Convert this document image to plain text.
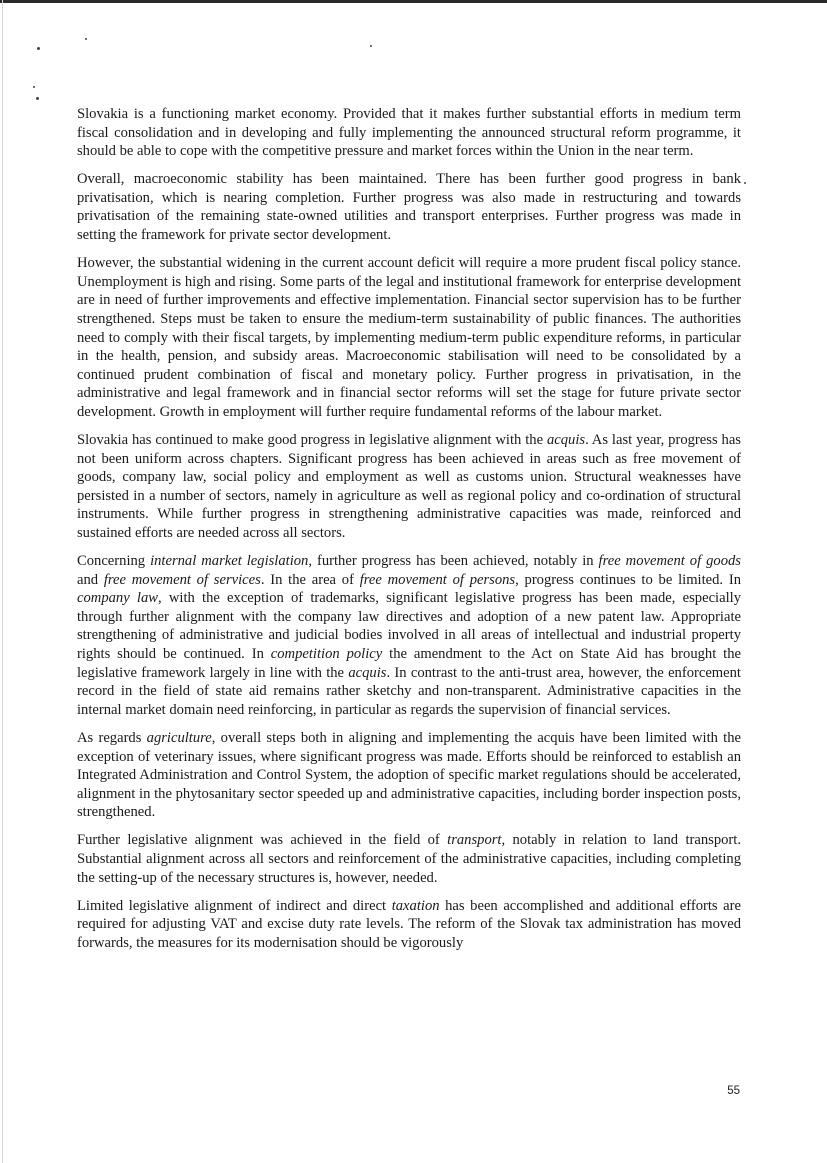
Slovakia is a functioning market economy. Provided that it makes further substantial efforts in medium term fiscal consolidation and in developing and fully implementing the announced structural reform programme, it should be able to cope with the competitive pressure and market forces within the Union in the near term.

Overall, macroeconomic stability has been maintained. There has been further good progress in bank privatisation, which is nearing completion. Further progress was also made in restructuring and towards privatisation of the remaining state-owned utilities and transport enterprises. Further progress was made in setting the framework for private sector development.

However, the substantial widening in the current account deficit will require a more prudent fiscal policy stance. Unemployment is high and rising. Some parts of the legal and institutional framework for enterprise development are in need of further improvements and effective implementation. Financial sector supervision has to be further strengthened. Steps must be taken to ensure the medium-term sustainability of public finances. The authorities need to comply with their fiscal targets, by implementing medium-term public expenditure reforms, in particular in the health, pension, and subsidy areas. Macroeconomic stabilisation will need to be consolidated by a continued prudent combination of fiscal and monetary policy. Further progress in privatisation, in the administrative and legal framework and in financial sector reforms will set the stage for future private sector development. Growth in employment will further require fundamental reforms of the labour market.

Slovakia has continued to make good progress in legislative alignment with the acquis. As last year, progress has not been uniform across chapters. Significant progress has been achieved in areas such as free movement of goods, company law, social policy and employment as well as customs union. Structural weaknesses have persisted in a number of sectors, namely in agriculture as well as regional policy and co-ordination of structural instruments. While further progress in strengthening administrative capacities was made, reinforced and sustained efforts are needed across all sectors.

Concerning internal market legislation, further progress has been achieved, notably in free movement of goods and free movement of services. In the area of free movement of persons, progress continues to be limited. In company law, with the exception of trademarks, significant legislative progress has been made, especially through further alignment with the company law directives and adoption of a new patent law. Appropriate strengthening of administrative and judicial bodies involved in all areas of intellectual and industrial property rights should be continued. In competition policy the amendment to the Act on State Aid has brought the legislative framework largely in line with the acquis. In contrast to the anti-trust area, however, the enforcement record in the field of state aid remains rather sketchy and non-transparent. Administrative capacities in the internal market domain need reinforcing, in particular as regards the supervision of financial services.

As regards agriculture, overall steps both in aligning and implementing the acquis have been limited with the exception of veterinary issues, where significant progress was made. Efforts should be reinforced to establish an Integrated Administration and Control System, the adoption of specific market regulations should be accelerated, alignment in the phytosanitary sector speeded up and administrative capacities, including border inspection posts, strengthened.

Further legislative alignment was achieved in the field of transport, notably in relation to land transport. Substantial alignment across all sectors and reinforcement of the administrative capacities, including completing the setting-up of the necessary structures is, however, needed.

Limited legislative alignment of indirect and direct taxation has been accomplished and additional efforts are required for adjusting VAT and excise duty rate levels. The reform of the Slovak tax administration has moved forwards, the measures for its modernisation should be vigorously

55
